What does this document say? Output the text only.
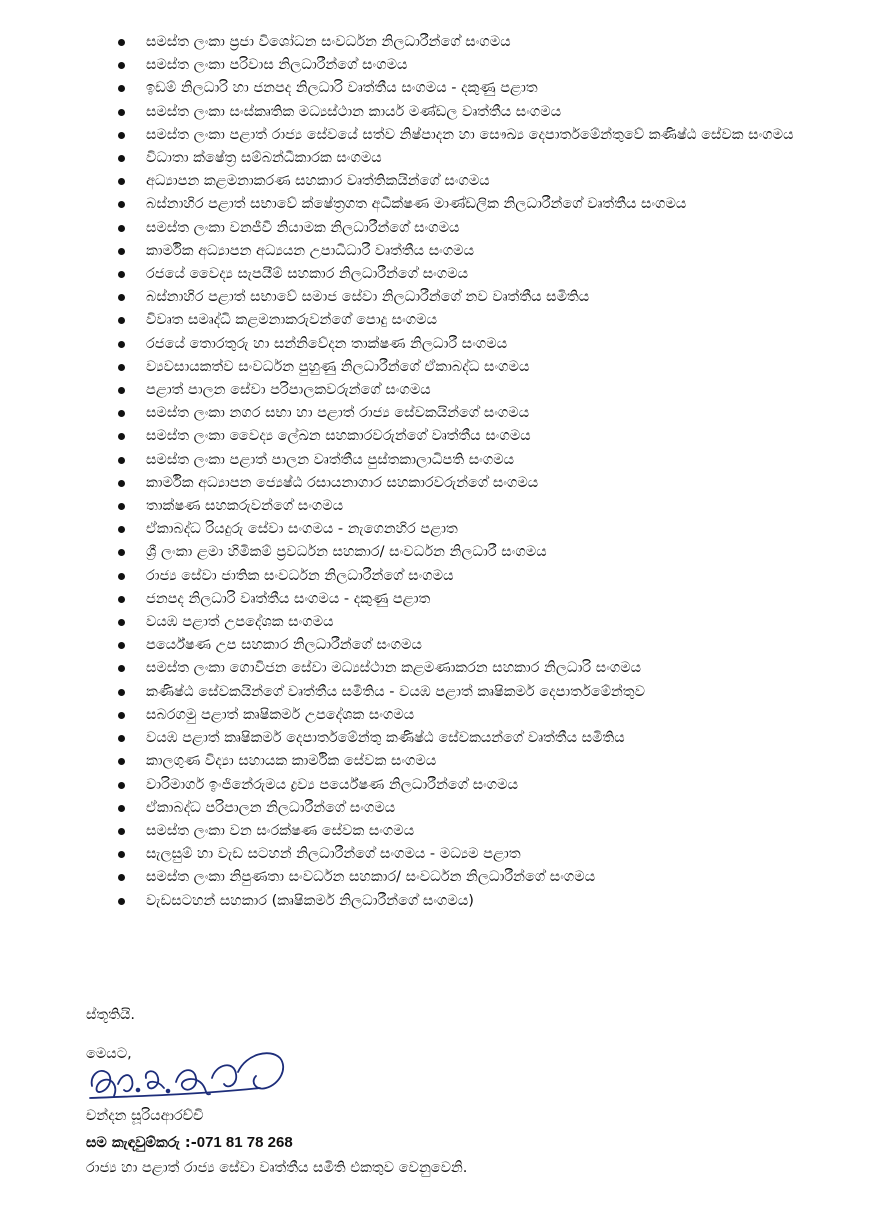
සමස්ත ලංකා ප්‍රජා විශෝධන සංවර්ධන නිලධාරීන්ගේ සංගමය
සමස්ත ලංකා පරිවාස නිලධාරීන්ගේ සංගමය
ඉඩම් නිලධාරි හා ජනපද නිලධාරි වෘත්තීය සංගමය - දකුණු පළාත
සමස්ත ලංකා සංස්කෘතික මධ්‍යස්ථාන කාර්ය මණ්ඩල වෘත්තීය සංගමය
සමස්ත ලංකා පළාත් රාජ්‍ය සේවයේ සත්ව නිෂ්පාදන හා සෞඛ්‍ය දෙපාර්තමේන්තුවේ කණිෂ්ඨ සේවක සංගමය
විධාතා ක්ෂේත්‍ර සම්බන්ධීකාරක සංගමය
අධ්‍යාපන කළමනාකරණ සහකාර වෘත්තිකයින්ගේ සංගමය
බස්නාහිර පළාත් සභාවේ ක්ෂේත්‍රගත අධීක්ෂණ මාණ්ඩලික නිලධාරීන්ගේ වෘත්තීය සංගමය
සමස්ත ලංකා වනජීවී නියාමක නිලධාරීන්ගේ සංගමය
කාර්මික අධ්‍යාපන අධ්‍යයන උපාධිධාරී වෘත්තීය සංගමය
රජයේ වෛද්‍ය සැපයීම් සහකාර නිලධාරීන්ගේ සංගමය
බස්නාහිර පළාත් සභාවේ සමාජ සේවා නිලධාරීන්ගේ නව වෘත්තීය සමිතිය
විවෘත සමෘද්ධි කළමනාකරුවන්ගේ පොදු සංගමය
රජයේ තොරතුරු හා සන්නිවේදන තාක්ෂණ නිලධාරී සංගමය
ව්‍යවසායකත්ව සංවර්ධන පුහුණු නිලධාරීන්ගේ ඒකාබද්ධ සංගමය
පළාත් පාලන සේවා පරිපාලකවරුන්ගේ සංගමය
සමස්ත ලංකා නගර සභා හා පළාත් රාජ්‍ය සේවකයින්ගේ සංගමය
සමස්ත ලංකා වෛද්‍ය ලේඛන සහකාරවරුන්ගේ වෘත්තීය සංගමය
සමස්ත ලංකා පළාත් පාලන වෘත්තීය පුස්තකාලාධිපති සංගමය
කාර්මික අධ්‍යාපන ජ්‍යෙෂ්ඨ රසායනාගාර සහකාරවරුන්ගේ සංගමය
තාක්ෂණ සහකරුවන්ගේ සංගමය
ඒකාබද්ධ රියදුරු සේවා සංගමය - නැගෙනහිර පළාත
ශ්‍රී ලංකා ළමා හිමිකම් ප්‍රවර්ධන සහකාර/ සංවර්ධන නිලධාරී සංගමය
රාජ්‍ය සේවා ජාතික සංවර්ධන නිලධාරීන්ගේ සංගමය
ජනපද නිලධාරි වෘත්තීය සංගමය - දකුණු පළාත
වයඹ පළාත් උපදේශක සංගමය
පර්යේෂණ උප සහකාර නිලධාරීන්ගේ සංගමය
සමස්ත ලංකා ගොවිජන සේවා මධ්‍යස්ථාන කළමණාකරන සහකාර නිලධාරි සංගමය
කණිෂ්ඨ සේවකයින්ගේ වෘත්තීය සමිතිය - වයඹ පළාත් කෘෂිකර්ම දෙපාර්තමේන්තුව
සබරගමු පළාත් කෘෂිකර්ම උපදේශක සංගමය
වයඹ පළාත් කෘෂිකර්ම දෙපාර්තමේන්තු කණිෂ්ඨ සේවකයන්ගේ වෘත්තීය සමිතිය
කාලගුණ විද්‍යා සහායක කාර්මික සේවක සංගමය
වාරිමාර්ග ඉංජිනේරුමය ද්‍රව්‍ය පර්යේෂණ නිලධාරීන්ගේ සංගමය
ඒකාබද්ධ පරිපාලන නිලධාරීන්ගේ සංගමය
සමස්ත ලංකා වන සංරක්ෂණ සේවක සංගමය
සැලසුම් හා වැඩ සටහන් නිලධාරීන්ගේ සංගමය - මධ්‍යම පළාත
සමස්ත ලංකා නිපුණතා සංවර්ධන සහකාර/ සංවර්ධන නිලධාරීන්ගේ සංගමය
වැඩසටහන් සහකාර (කෘෂිකර්ම නිලධාරීන්ගේ සංගමය)
ස්තූතියි.
මෙයට,
චන්දන සූරියආරච්චි
සම කැඳවුම්කරු :-071 81 78 268
රාජ්‍ය හා පළාත් රාජ්‍ය සේවා වෘත්තීය සමිති එකතුව වෙනුවෙනි.
